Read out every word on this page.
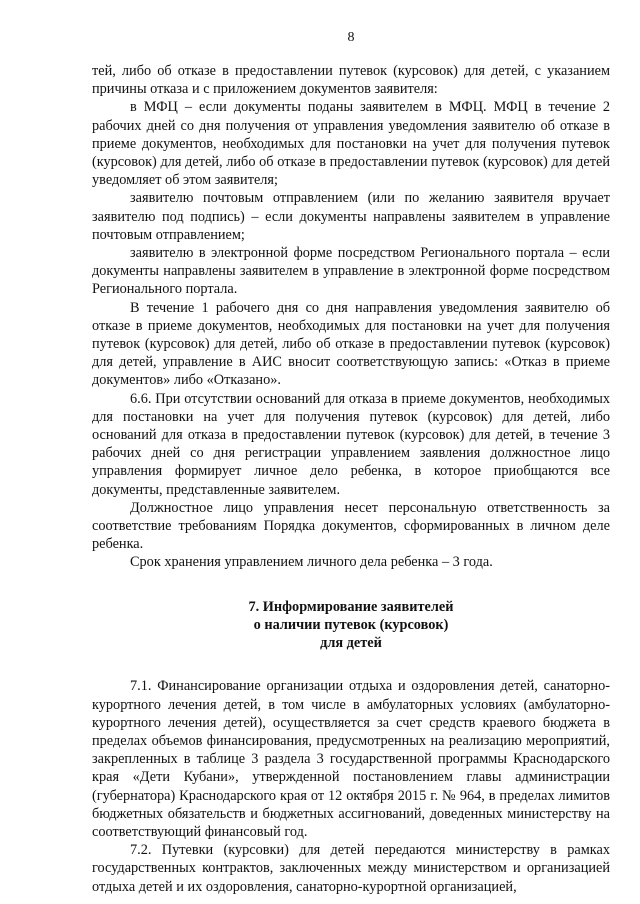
8

тей, либо об отказе в предоставлении путевок (курсовок) для детей, с указанием причины отказа и с приложением документов заявителя:

в МФЦ – если документы поданы заявителем в МФЦ. МФЦ в течение 2 рабочих дней со дня получения от управления уведомления заявителю об отказе в приеме документов, необходимых для постановки на учет для получения путевок (курсовок) для детей, либо об отказе в предоставлении путевок (курсовок) для детей уведомляет об этом заявителя;

заявителю почтовым отправлением (или по желанию заявителя вручает заявителю под подпись) – если документы направлены заявителем в управление почтовым отправлением;

заявителю в электронной форме посредством Регионального портала – если документы направлены заявителем в управление в электронной форме посредством Регионального портала.

В течение 1 рабочего дня со дня направления уведомления заявителю об отказе в приеме документов, необходимых для постановки на учет для получения путевок (курсовок) для детей, либо об отказе в предоставлении путевок (курсовок) для детей, управление в АИС вносит соответствующую запись: «Отказ в приеме документов» либо «Отказано».

6.6. При отсутствии оснований для отказа в приеме документов, необходимых для постановки на учет для получения путевок (курсовок) для детей, либо оснований для отказа в предоставлении путевок (курсовок) для детей, в течение 3 рабочих дней со дня регистрации управлением заявления должностное лицо управления формирует личное дело ребенка, в которое приобщаются все документы, представленные заявителем.

Должностное лицо управления несет персональную ответственность за соответствие требованиям Порядка документов, сформированных в личном деле ребенка.

Срок хранения управлением личного дела ребенка – 3 года.

7. Информирование заявителей
о наличии путевок (курсовок)
для детей

7.1. Финансирование организации отдыха и оздоровления детей, санаторно-курортного лечения детей, в том числе в амбулаторных условиях (амбулаторно-курортного лечения детей), осуществляется за счет средств краевого бюджета в пределах объемов финансирования, предусмотренных на реализацию мероприятий, закрепленных в таблице 3 раздела 3 государственной программы Краснодарского края «Дети Кубани», утвержденной постановлением главы администрации (губернатора) Краснодарского края от 12 октября 2015 г. № 964, в пределах лимитов бюджетных обязательств и бюджетных ассигнований, доведенных министерству на соответствующий финансовый год.

7.2. Путевки (курсовки) для детей передаются министерству в рамках государственных контрактов, заключенных между министерством и организацией отдыха детей и их оздоровления, санаторно-курортной организацией,
